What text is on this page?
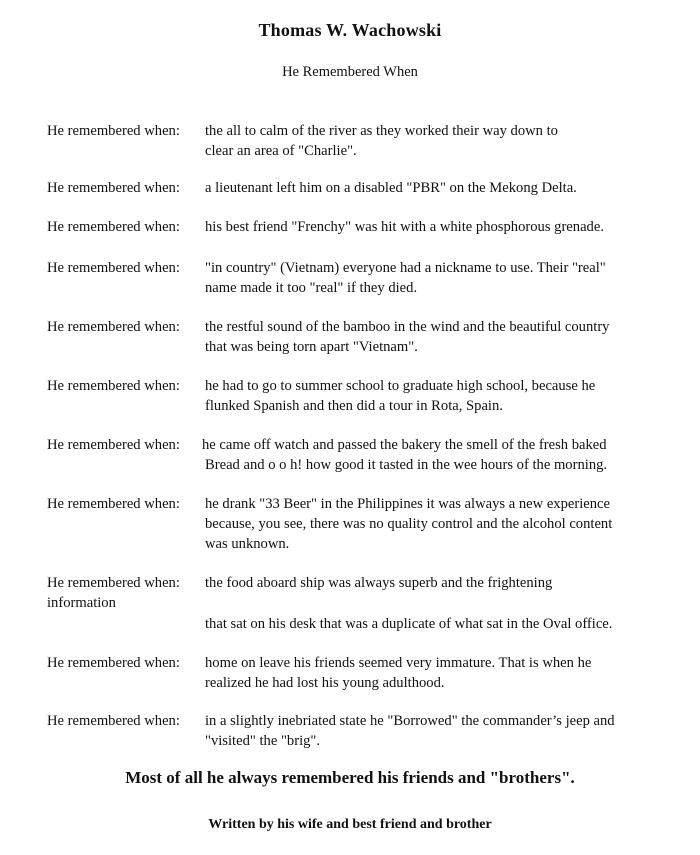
Thomas W. Wachowski
He Remembered When
He remembered when: the all to calm of the river as they worked their way down to
clear an area of "Charlie".
He remembered when: a lieutenant left him on a disabled "PBR" on the Mekong Delta.
He remembered when: his best friend "Frenchy" was hit with a white phosphorous grenade.
He remembered when: "in country" (Vietnam) everyone had a nickname to use. Their "real"
name made it too "real" if they died.
He remembered when: the restful sound of the bamboo in the wind and the beautiful country
that was being torn apart "Vietnam".
He remembered when: he had to go to summer school to graduate high school, because he
flunked Spanish and then did a tour in Rota, Spain.
He remembered when: he came off watch and passed the bakery the smell of the fresh baked
Bread and o o h! how good it tasted in the wee hours of the morning.
He remembered when: he drank "33 Beer" in the Philippines it was always a new experience
because, you see, there was no quality control and the alcohol content
was unknown.
He remembered when: the food aboard ship was always superb and the frightening
information
that sat on his desk that was a duplicate of what sat in the Oval office.
He remembered when: home on leave his friends seemed very immature. That is when he
realized he had lost his young adulthood.
He remembered when: in a slightly inebriated state he "Borrowed" the commander’s jeep and
"visited" the "brig".
Most of all he always remembered his friends and "brothers".
Written by his wife and best friend and brother
